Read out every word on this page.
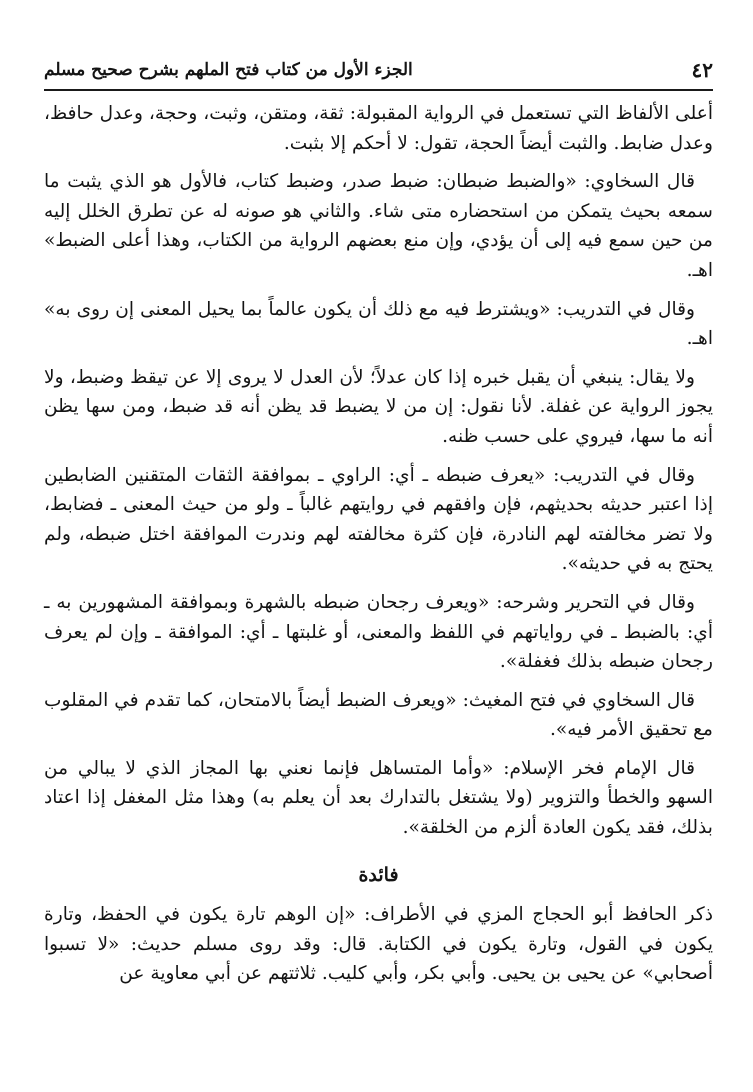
٤٢
الجزء الأول من كتاب فتح الملهم بشرح صحيح مسلم

أعلى الألفاظ التي تستعمل في الرواية المقبولة: ثقة، ومتقن، وثبت، وحجة، وعدل حافظ، وعدل ضابط. والثبت أيضاً الحجة، تقول: لا أحكم إلا بثبت.

قال السخاوي: «والضبط ضبطان: ضبط صدر، وضبط كتاب، فالأول هو الذي يثبت ما سمعه بحيث يتمكن من استحضاره متى شاء. والثاني هو صونه له عن تطرق الخلل إليه من حين سمع فيه إلى أن يؤدي، وإن منع بعضهم الرواية من الكتاب، وهذا أعلى الضبط» اهـ.

وقال في التدريب: «ويشترط فيه مع ذلك أن يكون عالماً بما يحيل المعنى إن روى به» اهـ.

ولا يقال: ينبغي أن يقبل خبره إذا كان عدلاً؛ لأن العدل لا يروى إلا عن تيقظ وضبط، ولا يجوز الرواية عن غفلة. لأنا نقول: إن من لا يضبط قد يظن أنه قد ضبط، ومن سها يظن أنه ما سها، فيروي على حسب ظنه.

وقال في التدريب: «يعرف ضبطه ـ أي: الراوي ـ بموافقة الثقات المتقنين الضابطين إذا اعتبر حديثه بحديثهم، فإن وافقهم في روايتهم غالباً ـ ولو من حيث المعنى ـ فضابط، ولا تضر مخالفته لهم النادرة، فإن كثرة مخالفته لهم وندرت الموافقة اختل ضبطه، ولم يحتج به في حديثه».

وقال في التحرير وشرحه: «ويعرف رجحان ضبطه بالشهرة وبموافقة المشهورين به ـ أي: بالضبط ـ في رواياتهم في اللفظ والمعنى، أو غلبتها ـ أي: الموافقة ـ وإن لم يعرف رجحان ضبطه بذلك فغفلة».

قال السخاوي في فتح المغيث: «ويعرف الضبط أيضاً بالامتحان، كما تقدم في المقلوب مع تحقيق الأمر فيه».

قال الإمام فخر الإسلام: «وأما المتساهل فإنما نعني بها المجاز الذي لا يبالي من السهو والخطأ والتزوير (ولا يشتغل بالتدارك بعد أن يعلم به) وهذا مثل المغفل إذا اعتاد بذلك، فقد يكون العادة ألزم من الخلقة».

فائدة

ذكر الحافظ أبو الحجاج المزي في الأطراف: «إن الوهم تارة يكون في الحفظ، وتارة يكون في القول، وتارة يكون في الكتابة. قال: وقد روى مسلم حديث: «لا تسبوا أصحابي» عن يحيى بن يحيى. وأبي بكر، وأبي كليب. ثلاثتهم عن أبي معاوية عن
